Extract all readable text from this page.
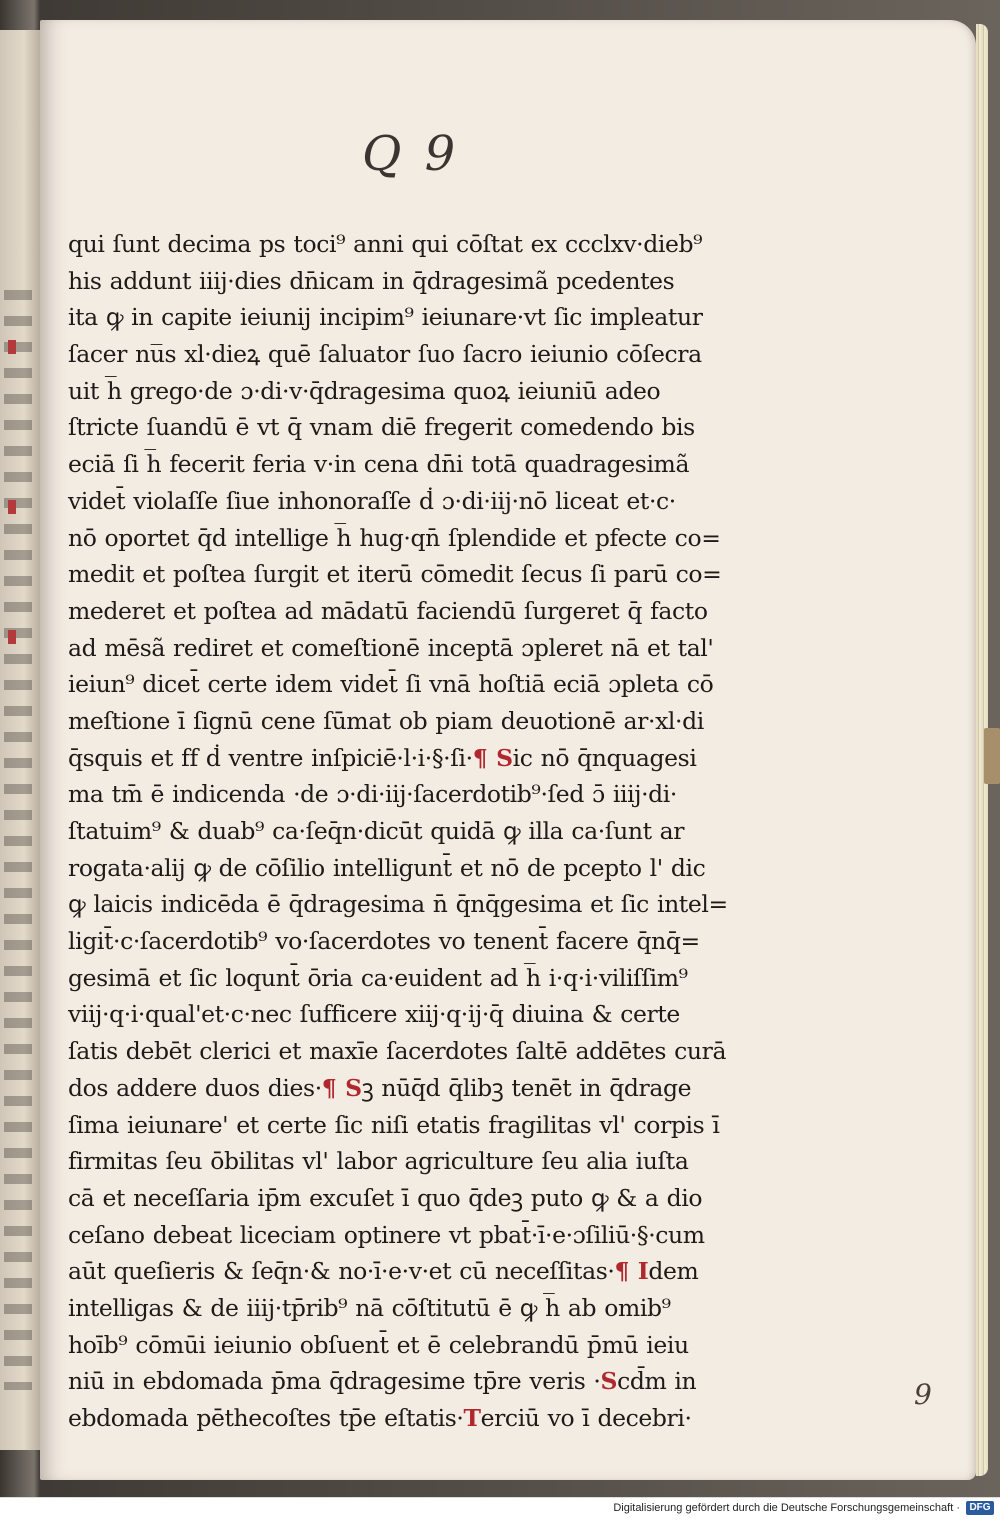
Q 9
9
qui ſunt decima ps toci⁹ anni qui cōſtat ex ccclxv·dieb⁹
his addunt iiij·dies dn̄icam in q̄dragesimã pcedentes
ita ꝙ in capite ieiunij incipim⁹ ieiunare·vt ſic impleatur
ſacer nu̅s xl·dieꝝ quē ſaluator ſuo ſacro ieiunio cōſecra
uit h̅ grego·de ɔ·di·v·q̄dragesima quoꝝ ieiuniū adeo
ſtricte ſuandū ē vt q̄ vnam diē fregerit comedendo bis
eciā ſi h̅ fecerit feria v·in cena dn̄i totā quadragesimã
videt̄ violaſſe ſiue inhonoraſſe ḋ ɔ·di·iij·nō liceat et·c·
nō oportet q̄d intellige h̅ hug·qn̄ ſplendide et pfecte co=
medit et poſtea ſurgit et iterū cōmedit ſecus ſi parū co=
mederet et poſtea ad mādatū faciendū ſurgeret q̄ facto
ad mēsã rediret et comeſtionē inceptā ɔpleret nā et tal'
ieiun⁹ dicet̄ certe idem videt̄ ſi vnā hoſtiā eciā ɔpleta cō
meſtione ī ſignū cene ſūmat ob piam deuotionē ar·xl·di
q̄squis et ff ḋ ventre inſpiciē·l·i·§·ſi·¶ Sic nō q̄nquagesi
ma tm̄ ē indicenda ·de ɔ·di·iij·ſacerdotib⁹·ſed ɔ̄ iiij·di·
ſtatuim⁹ & duab⁹ ca·ſeq̄n·dicūt quidā ꝙ illa ca·ſunt ar
rogata·alij ꝙ de cōſilio intelligunt̄ et nō de pcepto l' dic
ꝙ laicis indicēda ē q̄dragesima n̄ q̄nq̄gesima et ſic intel=
ligit̄·c·ſacerdotib⁹ vo·ſacerdotes vo tenent̄ facere q̄nq̄=
gesimā et ſic loqunt̄ ōria ca·euident ad h̅ i·q·i·viliſſim⁹
viij·q·i·qual'et·c·nec ſufficere xiij·q·ij·q̄ diuina & certe
ſatis debēt clerici et maxīe ſacerdotes ſaltē addētes curā
dos addere duos dies·¶ Sꝫ nūq̄d q̄libꝫ tenēt in q̄drage
ſima ieiunare' et certe ſic niſi etatis fragilitas vl' corpis ī
firmitas ſeu ōbilitas vl' labor agriculture ſeu alia iuſta
cā et neceſſaria ip̄m excuſet ī quo q̄deꝫ puto ꝙ & a dio
ceſano debeat liceciam optinere vt pbat̄·ī·e·ɔſiliū·§·cum
aūt queſieris & ſeq̄n·& no·ī·e·v·et cū neceſſitas·¶ Idem
intelligas & de iiij·tp̄rib⁹ nā cōſtitutū ē ꝙ h̅ ab omib⁹
hoīb⁹ cōmūi ieiunio obſuent̄ et ē celebrandū p̄mū ieiu
niū in ebdomada p̄ma q̄dragesime tp̄re veris ·Scd̄m in
ebdomada pēthecoſtes tp̄e eſtatis·Terciū vo ī decebri·
Digitalisierung gefördert durch die Deutsche Forschungsgemeinschaft · DFG
